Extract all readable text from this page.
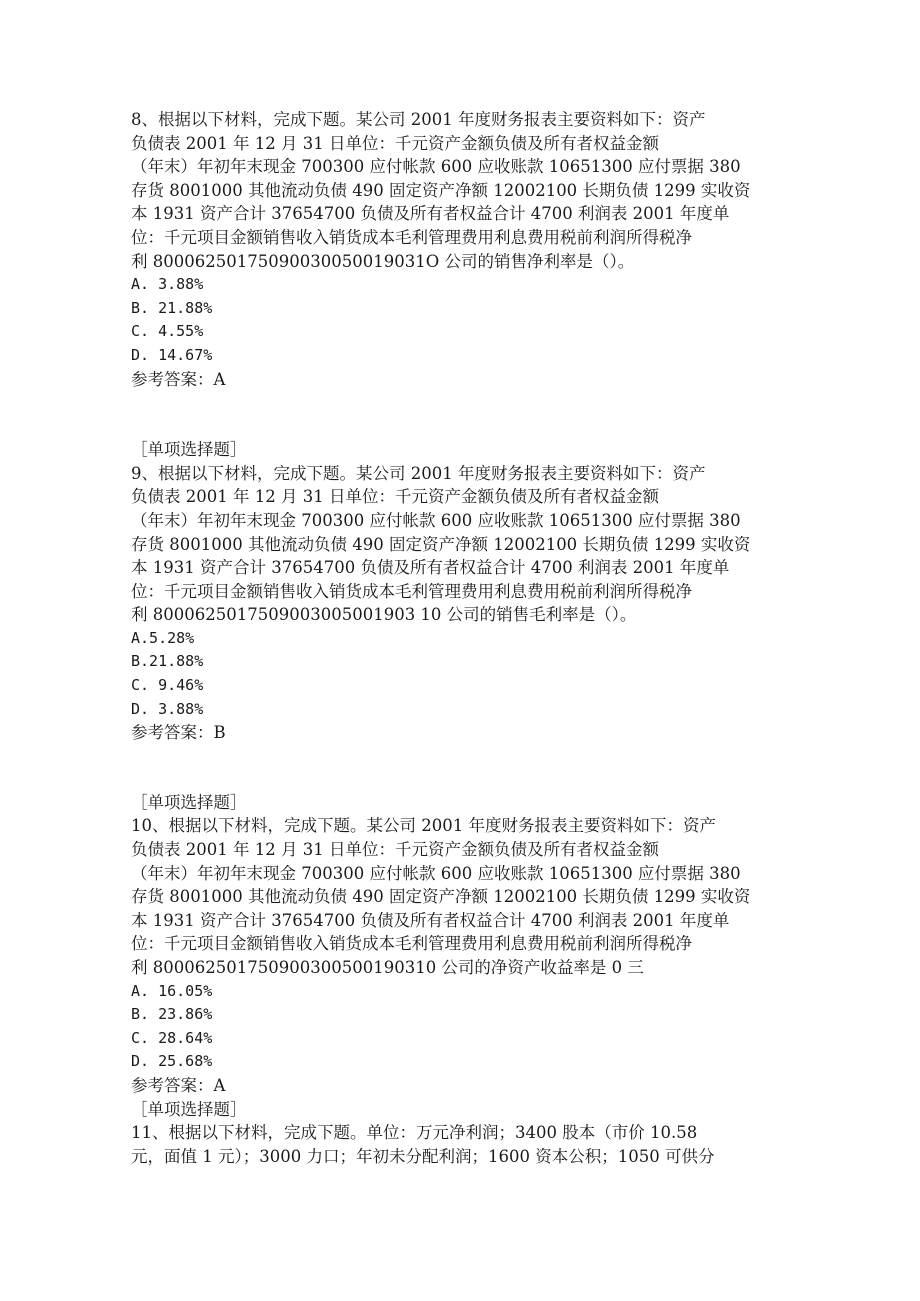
8、根据以下材料，完成下题。某公司 2001 年度财务报表主要资料如下：资产
负债表 2001 年 12 月 31 日单位：千元资产金额负债及所有者权益金额
（年末）年初年末现金 700300 应付帐款 600 应收账款 10651300 应付票据 380
存货 8001000 其他流动负债 490 固定资产净额 12002100 长期负债 1299 实收资
本 1931 资产合计 37654700 负债及所有者权益合计 4700 利润表 2001 年度单
位：千元项目金额销售收入销货成本毛利管理费用利息费用税前利润所得税净
利 80006250175090030050019031O 公司的销售净利率是（）。
A. 3.88%
B. 21.88%
C. 4.55%
D. 14.67%
参考答案：A
［单项选择题］
9、根据以下材料，完成下题。某公司 2001 年度财务报表主要资料如下：资产
负债表 2001 年 12 月 31 日单位：千元资产金额负债及所有者权益金额
（年末）年初年末现金 700300 应付帐款 600 应收账款 10651300 应付票据 380
存货 8001000 其他流动负债 490 固定资产净额 12002100 长期负债 1299 实收资
本 1931 资产合计 37654700 负债及所有者权益合计 4700 利润表 2001 年度单
位：千元项目金额销售收入销货成本毛利管理费用利息费用税前利润所得税净
利 8000625017509003005001903 10 公司的销售毛利率是（）。
A.5.28%
B.21.88%
C. 9.46%
D. 3.88%
参考答案：B
［单项选择题］
10、根据以下材料，完成下题。某公司 2001 年度财务报表主要资料如下：资产
负债表 2001 年 12 月 31 日单位：千元资产金额负债及所有者权益金额
（年末）年初年末现金 700300 应付帐款 600 应收账款 10651300 应付票据 380
存货 8001000 其他流动负债 490 固定资产净额 12002100 长期负债 1299 实收资
本 1931 资产合计 37654700 负债及所有者权益合计 4700 利润表 2001 年度单
位：千元项目金额销售收入销货成本毛利管理费用利息费用税前利润所得税净
利 800062501750900300500190310 公司的净资产收益率是 0 三
A. 16.05%
B. 23.86%
C. 28.64%
D. 25.68%
参考答案：A
［单项选择题］
11、根据以下材料，完成下题。单位：万元净利润；3400 股本（市价 10.58
元，面值 1 元）；3000 力口；年初未分配利润；1600 资本公积；1050 可供分
